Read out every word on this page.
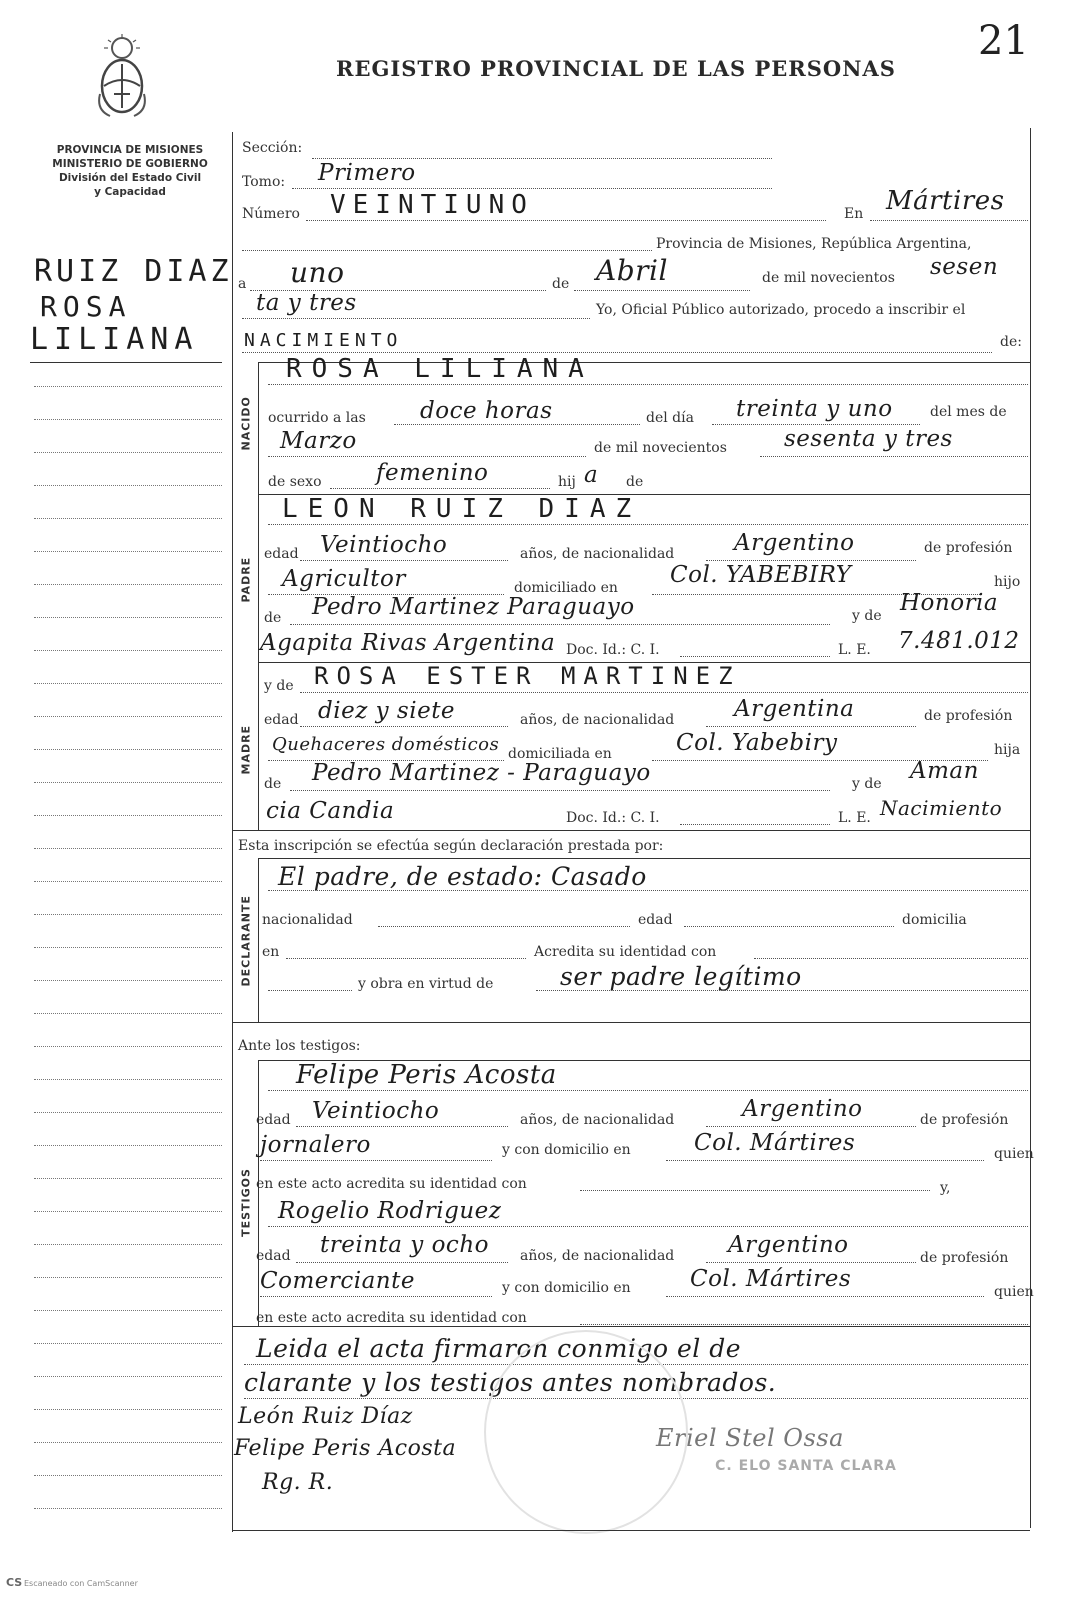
21
REGISTRO PROVINCIAL DE LAS PERSONAS
PROVINCIA DE MISIONES
MINISTERIO DE GOBIERNO
División del Estado Civil
y Capacidad
RUIZ DIAZ
ROSA
LILIANA
Sección:
Tomo: Primero
Número VEINTIUNO	En Mártires
Provincia de Misiones, República Argentina,
a uno	de Abril	de mil novecientos sesen
ta y tres	Yo, Oficial Público autorizado, procedo a inscribir el
NACIMIENTO	de:
NACIDO
ROSA LILIANA
ocurrido a las doce horas	del día treinta y uno	del mes de
Marzo	de mil novecientos sesenta y tres
de sexo femenino	hij a de
PADRE
LEON RUIZ DIAZ
edad Veintiocho	años, de nacionalidad	Argentino	de profesión
Agricultor	domiciliado en Col. YABEBIRY	hijo
de Pedro Martinez Paraguayo	y de Honoria
Agapita Rivas Argentina Doc. Id.: C. I.	L. E. 7.481.012
MADRE
y de ROSA ESTER MARTINEZ
edad diez y siete	años, de nacionalidad	Argentina	de profesión
Quehaceres domésticos domiciliada en	Col. Yabebiry	hija
de Pedro Martinez - Paraguayo	y de Aman
cia Candia	Doc. Id.: C. I.	L. E. Nacimiento
Esta inscripción se efectúa según declaración prestada por:
DECLARANTE
El padre, de estado: Casado
nacionalidad	edad	domicilia
en	Acredita su identidad con
y obra en virtud de	ser padre legítimo
Ante los testigos:
TESTIGOS
Felipe Peris Acosta
edad Veintiocho	años, de nacionalidad	Argentino	de profesión
jornalero	y con domicilio en	Col. Mártires	quien
en este acto acredita su identidad con	y,
Rogelio Rodriguez
edad treinta y ocho años, de nacionalidad Argentino	de profesión
Comerciante	y con domicilio en	Col. Mártires	quien
en este acto acredita su identidad con
Leida el acta firmaron conmigo el de
clarante y los testigos antes nombrados.
León Ruiz Díaz
Felipe Peris Acosta
Rg. R.
Eriel Stel Ossa
C. ELO SANTA CLARA
CS Escaneado con CamScanner
